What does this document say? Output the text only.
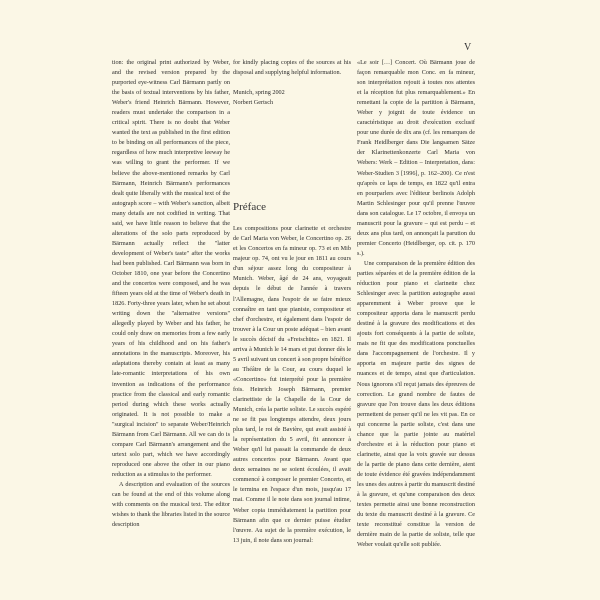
V

tion: the original print authorized by Weber, and the revised version prepared by the purported eye-witness Carl Bärmann partly on the basis of textual interventions by his father, Weber's friend Heinrich Bärmann. However, readers must undertake the comparison in a critical spirit. There is no doubt that Weber wanted the text as published in the first edition to be binding on all performances of the piece, regardless of how much interpretive leeway he was willing to grant the performer. If we believe the above-mentioned remarks by Carl Bärmann, Heinrich Bärmann's performances dealt quite liberally with the musical text of the autograph score – with Weber's sanction, albeit many details are not codified in writing. That said, we have little reason to believe that the alterations of the solo parts reproduced by Bärmann actually reflect the "latter development of Weber's taste" after the works had been published. Carl Bärmann was born in October 1810, one year before the Concertino and the concertos were composed, and he was fifteen years old at the time of Weber's death in 1826. Forty-three years later, when he set about writing down the "alternative versions" allegedly played by Weber and his father, he could only draw on memories from a few early years of his childhood and on his father's annotations in the manuscripts. Moreover, his adaptations thereby contain at least as many late-romantic interpretations of his own invention as indications of the performance practice from the classical and early romantic period during which these works actually originated. It is not possible to make a "surgical incision" to separate Weber/Heinrich Bärmann from Carl Bärmann. All we can do is compare Carl Bärmann's arrangement and the urtext solo part, which we have accordingly reproduced one above the other in our piano reduction as a stimulus to the performer.

A description and evaluation of the sources can be found at the end of this volume along with comments on the musical text. The editor wishes to thank the libraries listed in the source description

for kindly placing copies of the sources at his disposal and supplying helpful information.

Munich, spring 2002

Norbert Gertsch

Préface

Les compositions pour clarinette et orchestre de Carl Maria von Weber, le Concertino op. 26 et les Concertos en fa mineur op. 73 et en Mib majeur op. 74, ont vu le jour en 1811 au cours d'un séjour assez long du compositeur à Munich. Weber, âgé de 24 ans, voyageait depuis le début de l'année à travers l'Allemagne, dans l'espoir de se faire mieux connaître en tant que pianiste, compositeur et chef d'orchestre, et également dans l'espoir de trouver à la Cour un poste adéquat – bien avant le succès décisif du «Freischütz» en 1821. Il arriva à Munich le 14 mars et put donner dès le 5 avril suivant un concert à son propre bénéfice au Théâtre de la Cour, au cours duquel le «Concertino» fut interprété pour la première fois. Heinrich Joseph Bärmann, premier clarinettiste de la Chapelle de la Cour de Munich, créa la partie soliste. Le succès espéré ne se fit pas longtemps attendre, deux jours plus tard, le roi de Bavière, qui avait assisté à la représentation du 5 avril, fit annoncer à Weber qu'il lui passait la commande de deux autres concertos pour Bärmann. Avant que deux semaines ne se soient écoulées, il avait commencé à composer le premier Concerto, et le termina en l'espace d'un mois, jusqu'au 17 mai. Comme il le note dans son journal intime, Weber copia immédiatement la partition pour Bärmann afin que ce dernier puisse étudier l'œuvre. Au sujet de la première exécution, le 13 juin, il note dans son journal:

«Le soir […] Concert. Où Bärmann joue de façon remarquable mon Conc. en fa mineur, son interprétation rejouit à toutes nos attentes et la réception fut plus remarquablement.» En remettant la copie de la partition à Bärmann, Weber y joignit de toute évidence un caractéristique au droit d'exécution exclusif pour une durée de dix ans (cf. les remarques de Frank Heidlberger dans Die langsamen Sätze der Klarinettenkonzerte Carl Maria von Webers: Werk – Edition – Interpretation, dans: Weber-Studien 3 [1996], p. 162–200). Ce n'est qu'après ce laps de temps, en 1822 qu'il entra en pourparlers avec l'éditeur berlinois Adolph Martin Schlesinger pour qu'il prenne l'œuvre dans son catalogue. Le 17 octobre, il envoya un manuscrit pour la gravure – qui est perdu – et deux ans plus tard, on annonçait la parution du premier Concerto (Heidlberger, op. cit. p. 170 s.).

Une comparaison de la première édition des parties séparées et de la première édition de la réduction pour piano et clarinette chez Schlesinger avec la partition autographe aussi apparemment à Weber prouve que le compositeur apporta dans le manuscrit perdu destiné à la gravure des modifications et des ajouts fort conséquents à la partie de soliste, mais ne fit que des modifications ponctuelles dans l'accompagnement de l'orchestre. Il y apporta en majeure partie des signes de nuances et de tempo, ainsi que d'articulation. Nous ignorons s'il reçut jamais des épreuves de correction. Le grand nombre de fautes de gravure que l'on trouve dans les deux éditions permettent de penser qu'il ne les vit pas. En ce qui concerne la partie soliste, c'est dans une chance que la partie jointe au matériel d'orchestre et à la réduction pour piano et clarinette, ainsi que la voix gravée sur dessus de la partie de piano dans cette dernière, aient de toute évidence été gravées indépendamment les unes des autres à partir du manuscrit destiné à la gravure, et qu'une comparaison des deux textes permette ainsi une bonne reconstruction du texte du manuscrit destiné à la gravure. Ce texte reconstitué constitue la version de dernière main de la partie de soliste, telle que Weber voulait qu'elle soit publiée.
